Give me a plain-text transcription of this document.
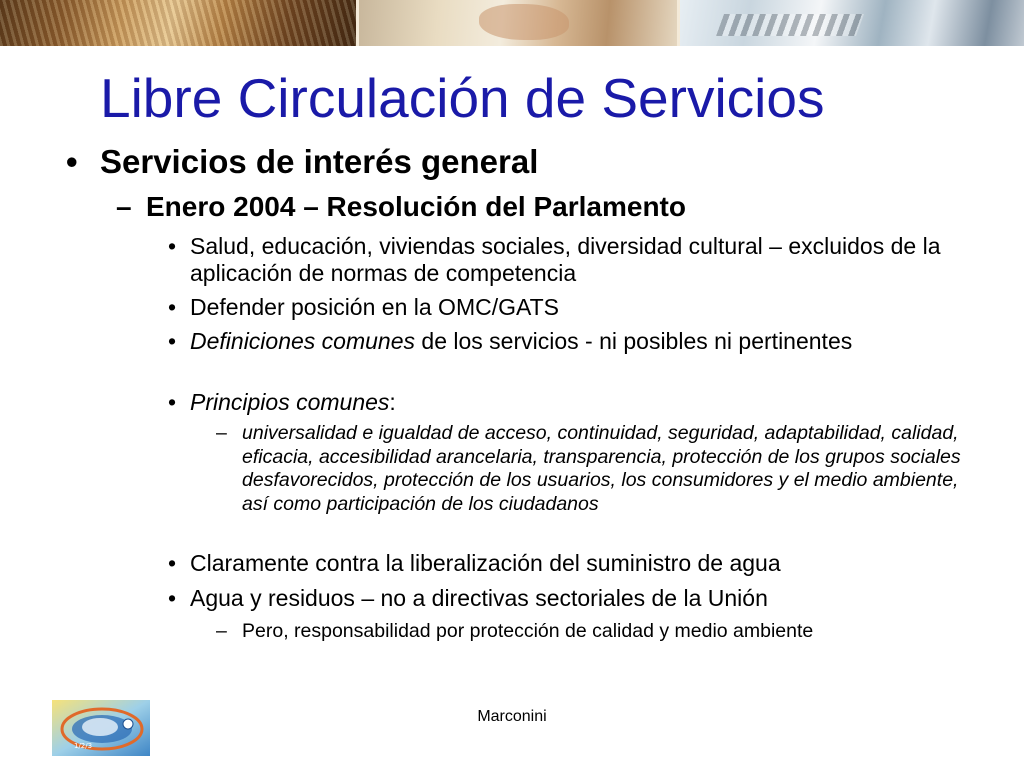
Libre Circulación de Servicios
• Servicios de interés general
– Enero 2004 – Resolución del Parlamento
• Salud, educación, viviendas sociales, diversidad cultural – excluidos de la aplicación de normas de competencia
• Defender posición en la OMC/GATS
• Definiciones comunes de los servicios - ni posibles ni pertinentes
• Principios comunes:
– universalidad e igualdad de acceso, continuidad, seguridad, adaptabilidad, calidad, eficacia, accesibilidad arancelaria, transparencia, protección de los grupos sociales desfavorecidos, protección de los usuarios, los consumidores y el medio ambiente, así como participación de los ciudadanos
• Claramente contra la liberalización del suministro de agua
• Agua y residuos – no a directivas sectoriales de la Unión
– Pero, responsabilidad por protección de calidad y medio ambiente
1/2/3
Marconini
